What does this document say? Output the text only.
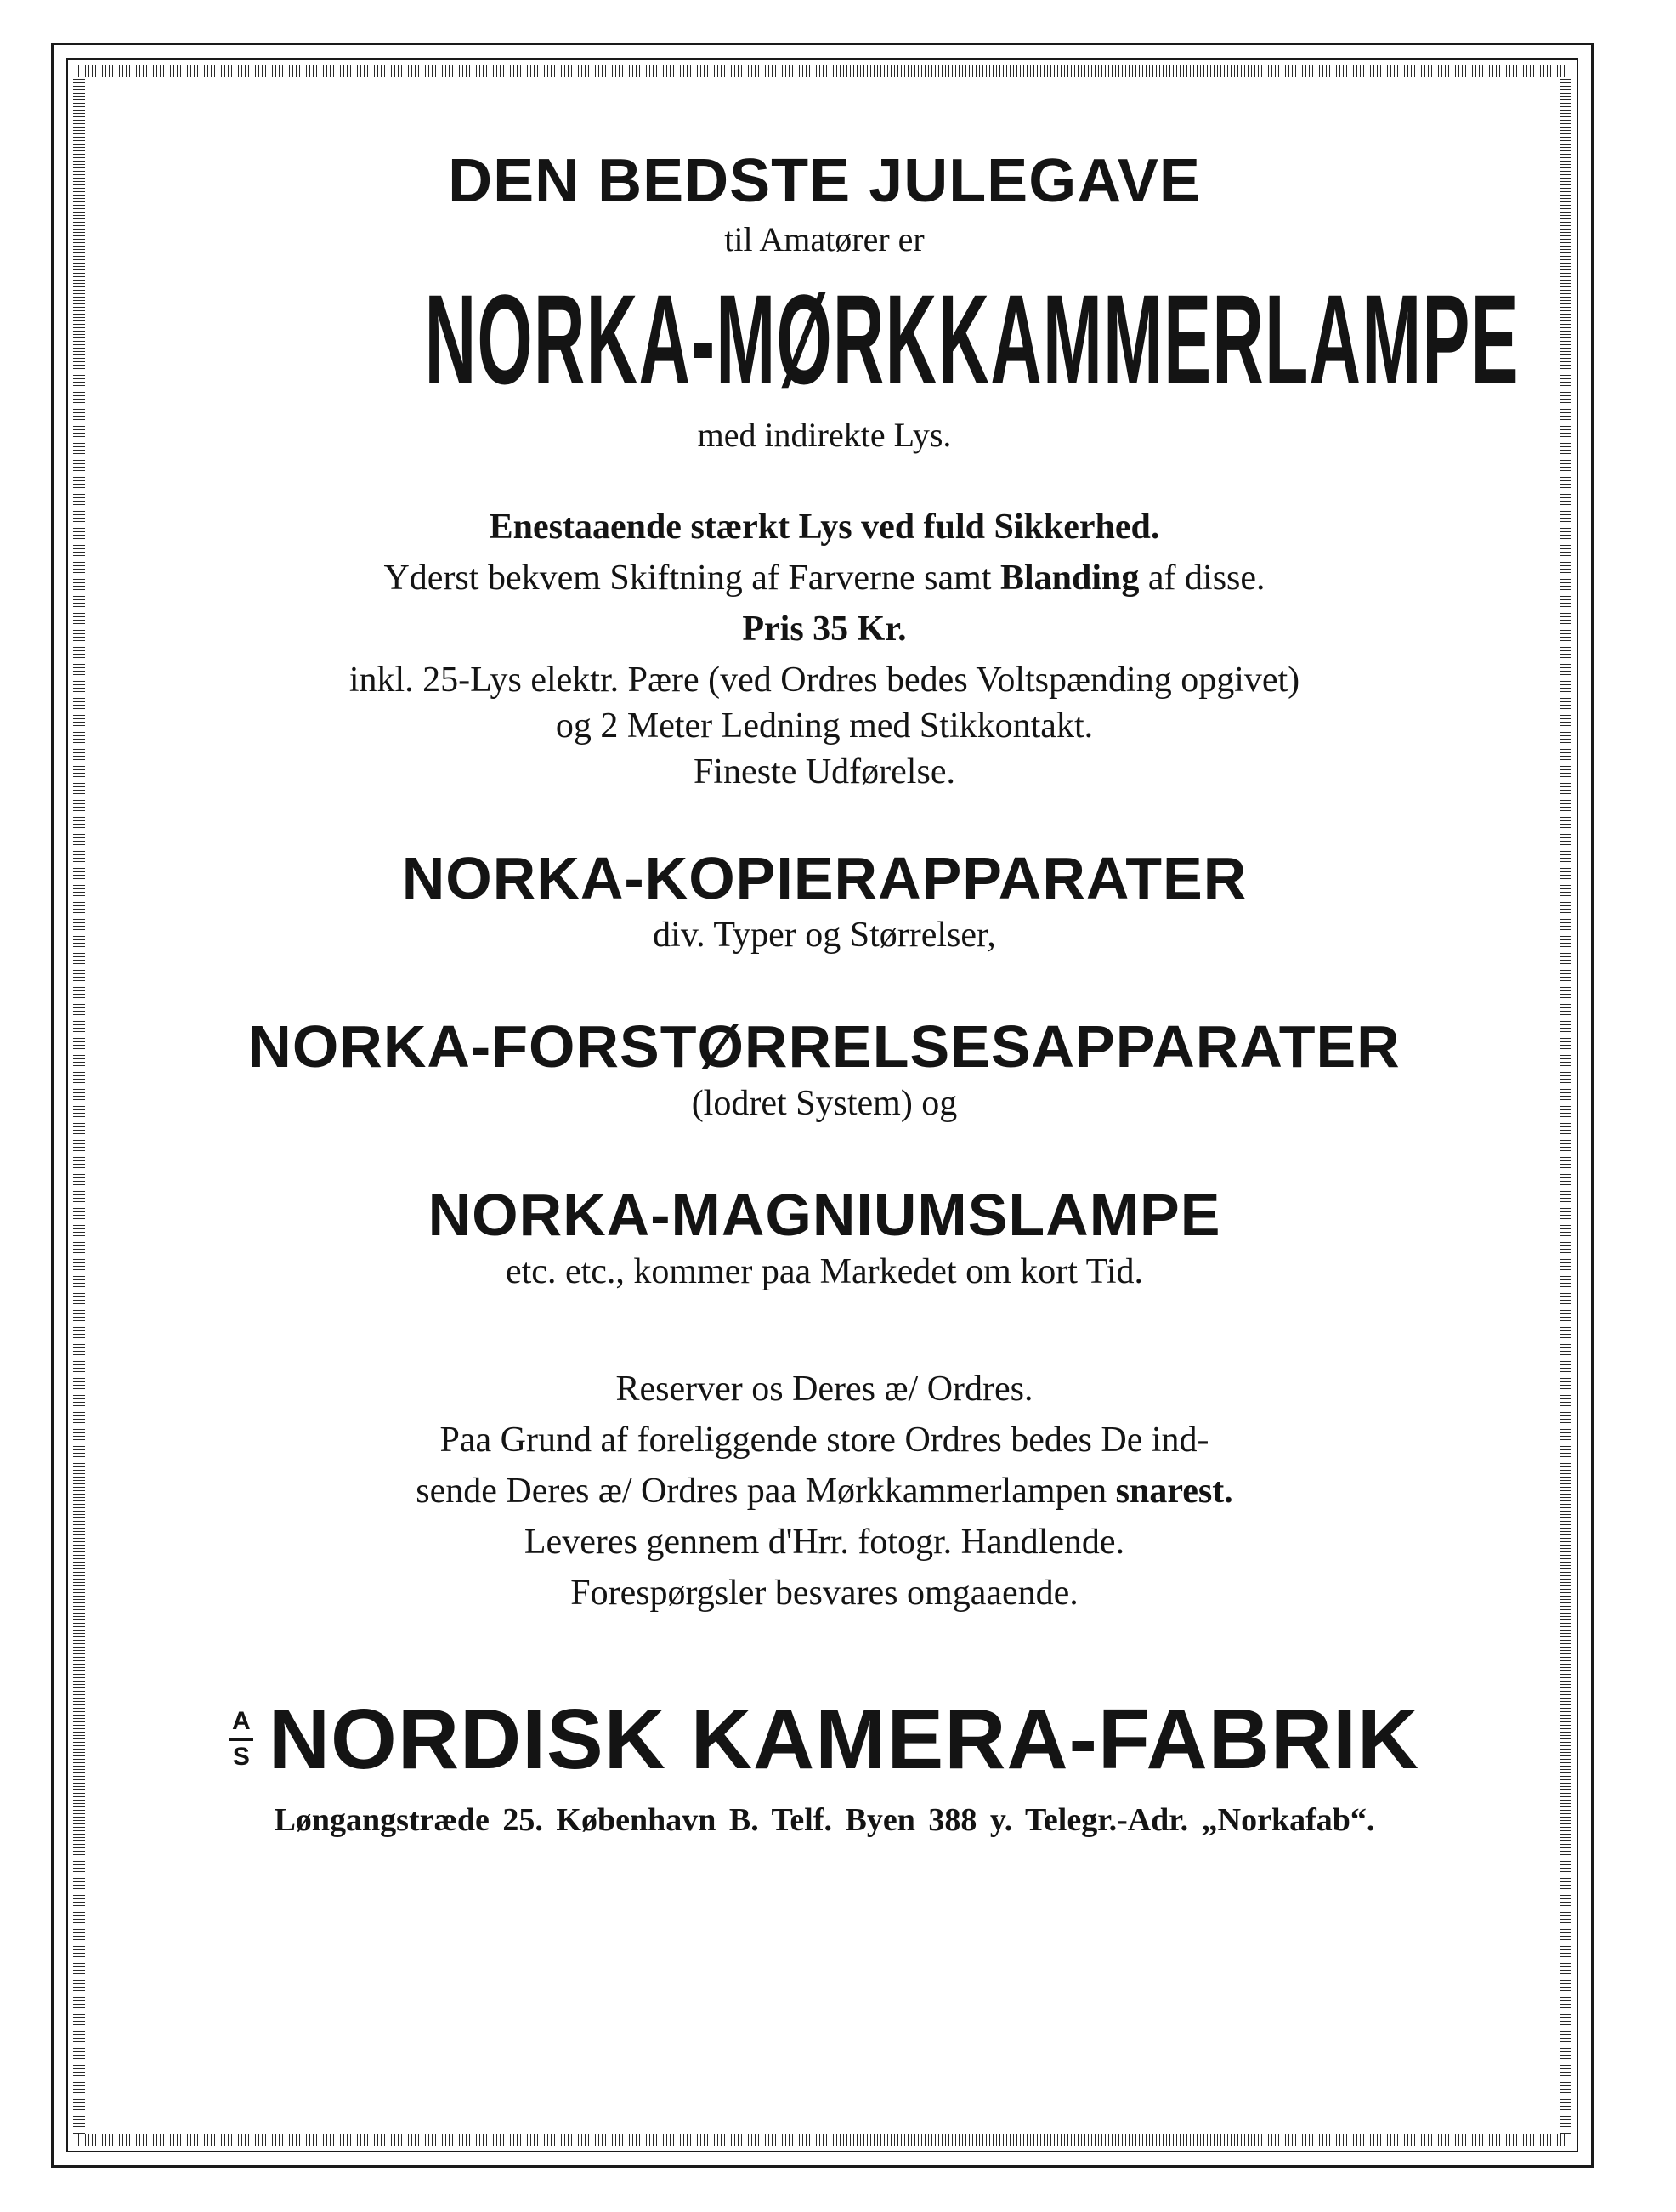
DEN BEDSTE JULEGAVE
til Amatører er
NORKA-MØRKKAMMERLAMPE
med indirekte Lys.
Enestaaende stærkt Lys ved fuld Sikkerhed.
Yderst bekvem Skiftning af Farverne samt Blanding af disse.
Pris 35 Kr.
inkl. 25-Lys elektr. Pære (ved Ordres bedes Voltspænding opgivet)
og 2 Meter Ledning med Stikkontakt.
Fineste Udførelse.
NORKA-KOPIERAPPARATER
div. Typer og Størrelser,
NORKA-FORSTØRRELSESAPPARATER
(lodret System) og
NORKA-MAGNIUMSLAMPE
etc. etc., kommer paa Markedet om kort Tid.
Reserver os Deres æ/ Ordres.
Paa Grund af foreliggende store Ordres bedes De ind-
sende Deres æ/ Ordres paa Mørkkammerlampen snarest.
Leveres gennem d'Hrr. fotogr. Handlende.
Forespørgsler besvares omgaaende.
A
S NORDISK KAMERA-FABRIK
Løngangstræde 25. København B. Telf. Byen 388 y. Telegr.-Adr. „Norkafab“.
